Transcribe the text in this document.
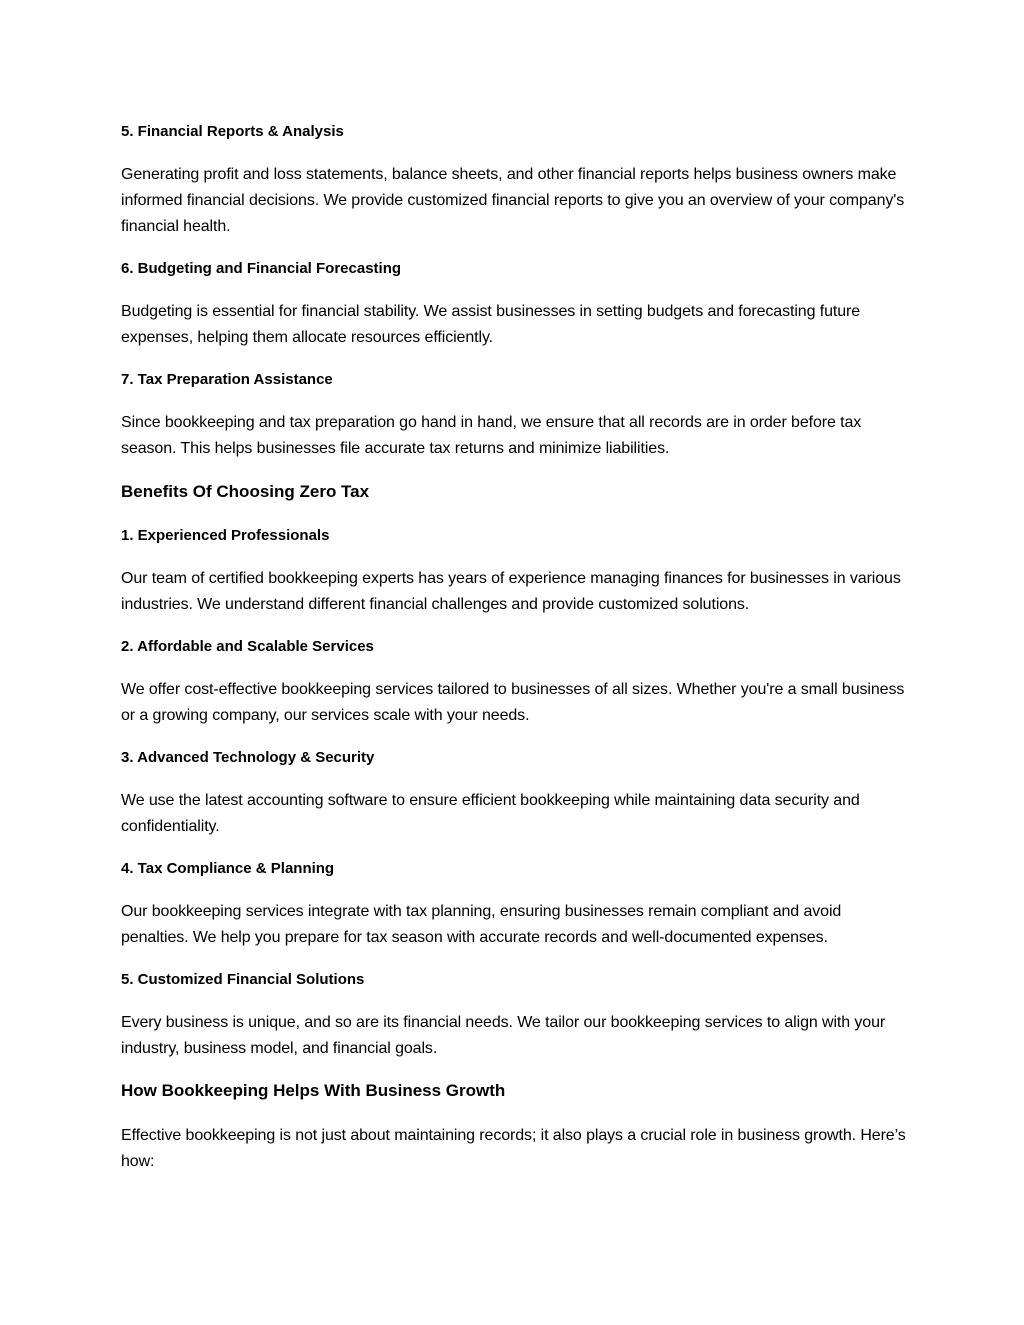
5. Financial Reports & Analysis

Generating profit and loss statements, balance sheets, and other financial reports helps business owners make informed financial decisions. We provide customized financial reports to give you an overview of your company's financial health.

6. Budgeting and Financial Forecasting

Budgeting is essential for financial stability. We assist businesses in setting budgets and forecasting future expenses, helping them allocate resources efficiently.

7. Tax Preparation Assistance

Since bookkeeping and tax preparation go hand in hand, we ensure that all records are in order before tax season. This helps businesses file accurate tax returns and minimize liabilities.

Benefits Of Choosing Zero Tax
1. Experienced Professionals

Our team of certified bookkeeping experts has years of experience managing finances for businesses in various industries. We understand different financial challenges and provide customized solutions.

2. Affordable and Scalable Services

We offer cost-effective bookkeeping services tailored to businesses of all sizes. Whether you're a small business or a growing company, our services scale with your needs.

3. Advanced Technology & Security

We use the latest accounting software to ensure efficient bookkeeping while maintaining data security and confidentiality.

4. Tax Compliance & Planning

Our bookkeeping services integrate with tax planning, ensuring businesses remain compliant and avoid penalties. We help you prepare for tax season with accurate records and well-documented expenses.

5. Customized Financial Solutions

Every business is unique, and so are its financial needs. We tailor our bookkeeping services to align with your industry, business model, and financial goals.

How Bookkeeping Helps With Business Growth

Effective bookkeeping is not just about maintaining records; it also plays a crucial role in business growth. Here’s how:
